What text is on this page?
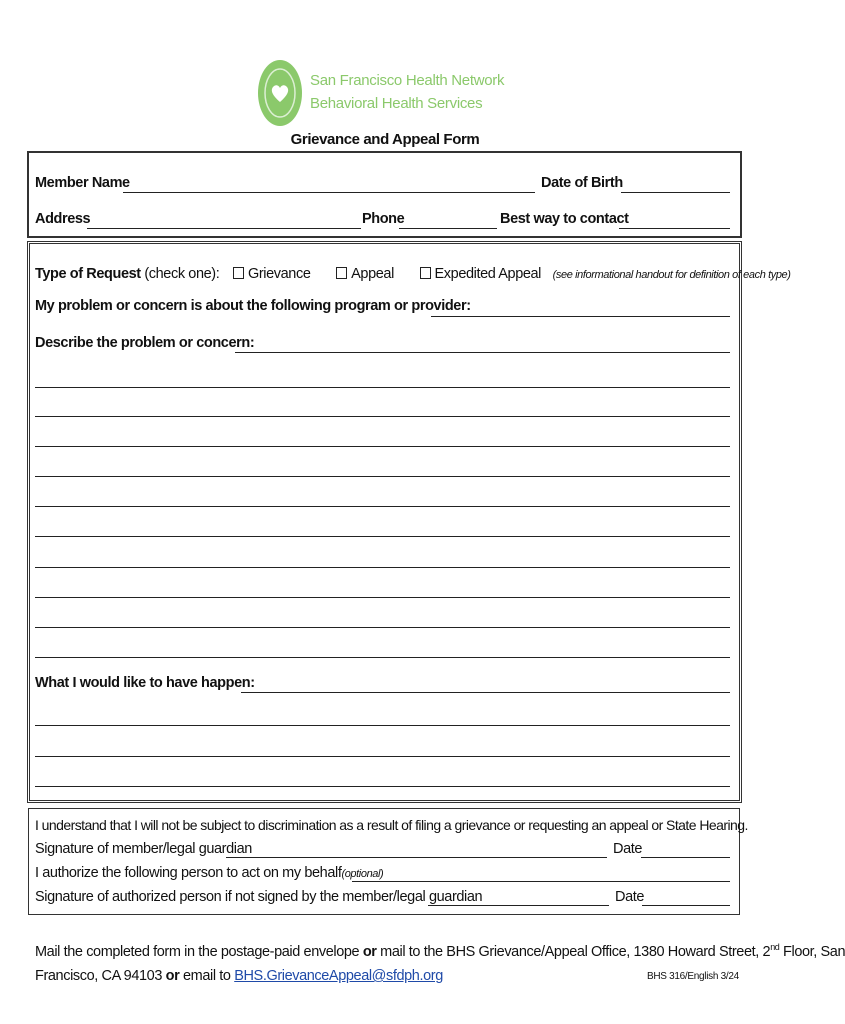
San Francisco Health Network
Behavioral Health Services
Grievance and Appeal Form
Member Name	Date of Birth
Address	Phone	Best way to contact
Type of Request (check one): Grievance	Appeal	Expedited Appeal (see informational handout for definition of each type)
My problem or concern is about the following program or provider:
Describe the problem or concern:
What I would like to have happen:
I understand that I will not be subject to discrimination as a result of filing a grievance or requesting an appeal or State Hearing.
Signature of member/legal guardian	Date
I authorize the following person to act on my behalf(optional)
Signature of authorized person if not signed by the member/legal guardian	Date
Mail the completed form in the postage-paid envelope or mail to the BHS Grievance/Appeal Office, 1380 Howard Street, 2nd Floor, San
Francisco, CA 94103 or email to BHS.GrievanceAppeal@sfdph.org	BHS 316/English 3/24
